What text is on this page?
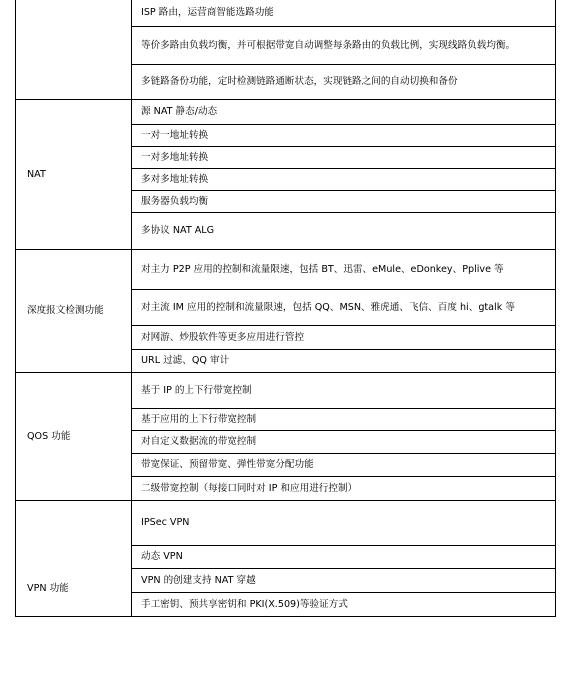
NAT
深度报文检测功能
QOS 功能
VPN 功能
ISP 路由，运营商智能选路功能
等价多路由负载均衡，并可根据带宽自动调整每条路由的负载比例，实现线路负载均衡。
多链路备份功能，定时检测链路通断状态，实现链路之间的自动切换和备份
源 NAT 静态/动态
一对一地址转换
一对多地址转换
多对多地址转换
服务器负载均衡
多协议 NAT ALG
对主力 P2P 应用的控制和流量限速，包括 BT、迅雷、eMule、eDonkey、Pplive 等
对主流 IM 应用的控制和流量限速，包括 QQ、MSN、雅虎通、飞信、百度 hi、gtalk 等
对网游、炒股软件等更多应用进行管控
URL 过滤、QQ 审计
基于 IP 的上下行带宽控制
基于应用的上下行带宽控制
对自定义数据流的带宽控制
带宽保证、预留带宽、弹性带宽分配功能
二级带宽控制（每接口同时对 IP 和应用进行控制）
IPSec VPN
动态 VPN
VPN 的创建支持 NAT 穿越
手工密钥、预共享密钥和 PKI(X.509)等验证方式
